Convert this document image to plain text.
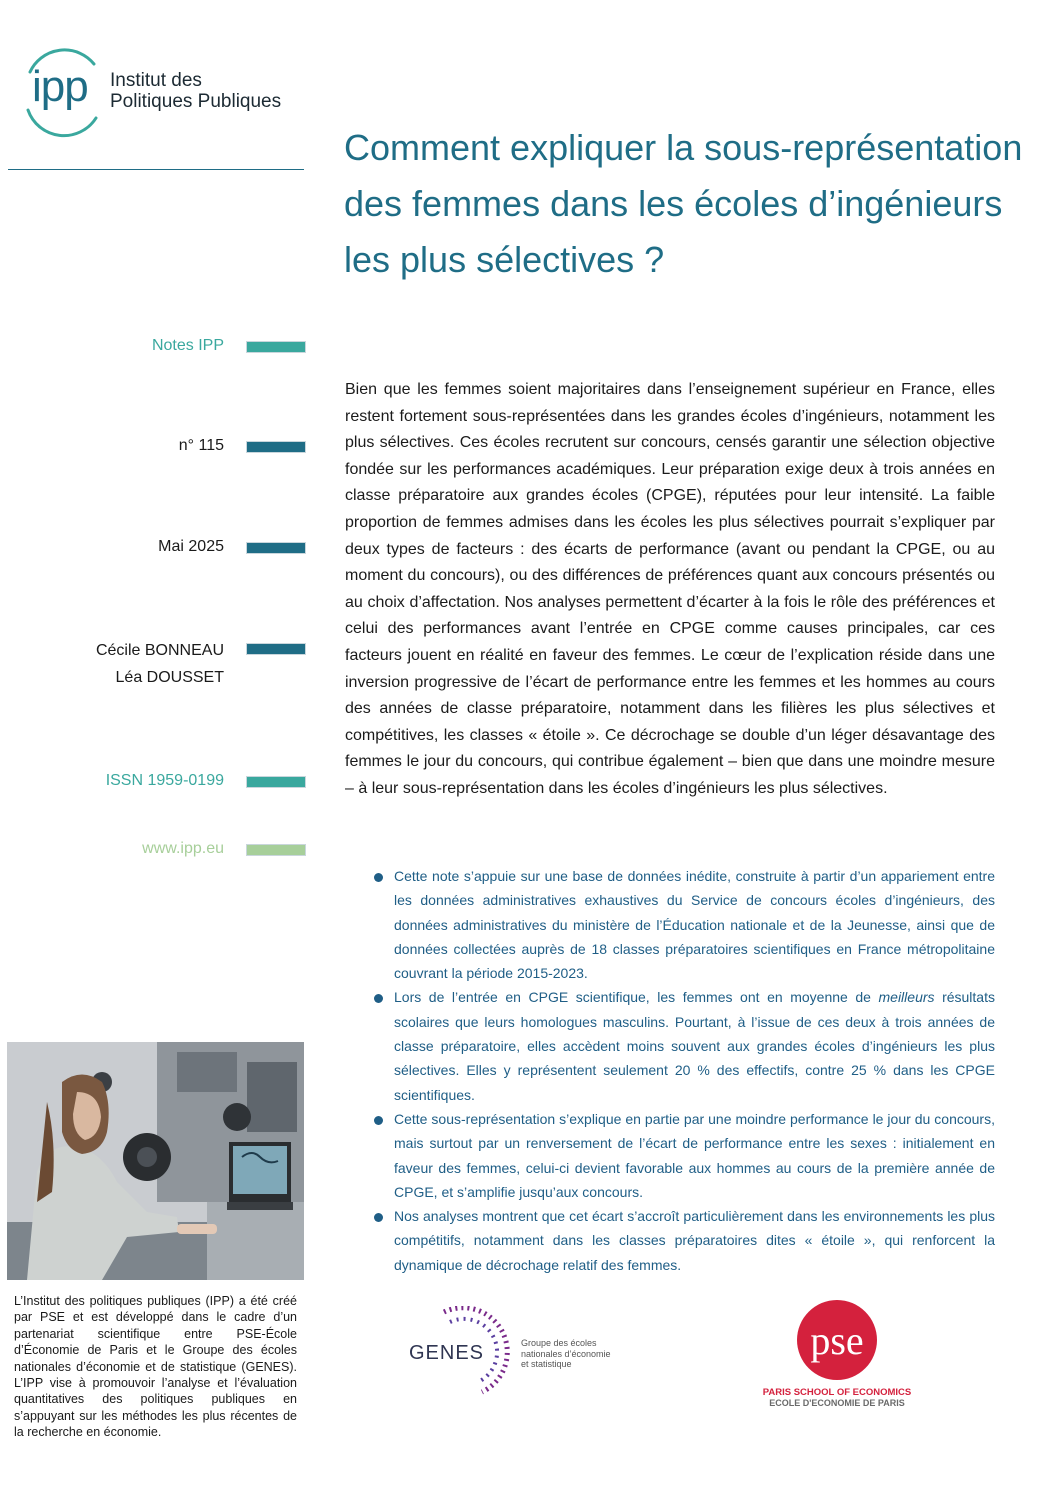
ipp Institut des
Politiques Publiques
Comment expliquer la sous-représentation des femmes dans les écoles d’ingénieurs les plus sélectives ?
Notes IPP
n° 115
Mai 2025
Cécile BONNEAU
Léa DOUSSET
ISSN 1959-0199
www.ipp.eu

Bien que les femmes soient majoritaires dans l’enseignement supérieur en France, elles restent fortement sous-représentées dans les grandes écoles d’ingénieurs, notamment les plus sélectives. Ces écoles recrutent sur concours, censés garantir une sélection objective fondée sur les performances académiques. Leur préparation exige deux à trois années en classe préparatoire aux grandes écoles (CPGE), réputées pour leur intensité. La faible proportion de femmes admises dans les écoles les plus sélectives pourrait s’expliquer par deux types de facteurs : des écarts de performance (avant ou pendant la CPGE, ou au moment du concours), ou des différences de préférences quant aux concours présentés ou au choix d’affectation. Nos analyses permettent d’écarter à la fois le rôle des préférences et celui des performances avant l’entrée en CPGE comme causes principales, car ces facteurs jouent en réalité en faveur des femmes. Le cœur de l’explication réside dans une inversion progressive de l’écart de performance entre les femmes et les hommes au cours des années de classe préparatoire, notamment dans les filières les plus sélectives et compétitives, les classes « étoile ». Ce décrochage se double d’un léger désavantage des femmes le jour du concours, qui contribue également – bien que dans une moindre mesure – à leur sous-représentation dans les écoles d’ingénieurs les plus sélectives.

Cette note s’appuie sur une base de données inédite, construite à partir d’un appariement entre les données administratives exhaustives du Service de concours écoles d’ingénieurs, des données administratives du ministère de l’Éducation nationale et de la Jeunesse, ainsi que de données collectées auprès de 18 classes préparatoires scientifiques en France métropolitaine couvrant la période 2015-2023.
Lors de l’entrée en CPGE scientifique, les femmes ont en moyenne de meilleurs résultats scolaires que leurs homologues masculins. Pourtant, à l’issue de ces deux à trois années de classe préparatoire, elles accèdent moins souvent aux grandes écoles d’ingénieurs les plus sélectives. Elles y représentent seulement 20 % des effectifs, contre 25 % dans les CPGE scientifiques.
Cette sous-représentation s’explique en partie par une moindre performance le jour du concours, mais surtout par un renversement de l’écart de performance entre les sexes : initialement en faveur des femmes, celui-ci devient favorable aux hommes au cours de la première année de CPGE, et s’amplifie jusqu’aux concours.
Nos analyses montrent que cet écart s’accroît particulièrement dans les environnements les plus compétitifs, notamment dans les classes préparatoires dites « étoile », qui renforcent la dynamique de décrochage relatif des femmes.

L’Institut des politiques publiques (IPP) a été créé par PSE et est développé dans le cadre d’un partenariat scientifique entre PSE-École d’Économie de Paris et le Groupe des écoles nationales d’économie et de statistique (GENES). L’IPP vise à promouvoir l’analyse et l’évaluation quantitatives des politiques publiques en s’appuyant sur les méthodes les plus récentes de la recherche en économie.

GENES	Groupe des écoles
nationales d’économie
et statistique
pse
PARIS SCHOOL OF ECONOMICS
ECOLE D'ECONOMIE DE PARIS
